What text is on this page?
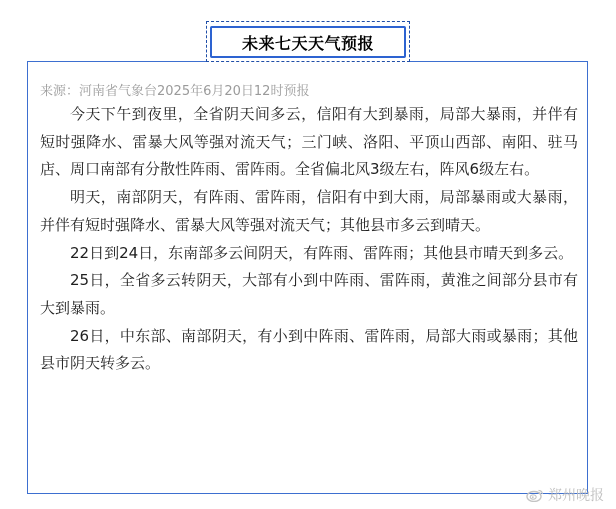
未来七天天气预报
来源：河南省气象台2025年6月20日12时预报

今天下午到夜里，全省阴天间多云，信阳有大到暴雨，局部大暴雨，并伴有短时强降水、雷暴大风等强对流天气；三门峡、洛阳、平顶山西部、南阳、驻马店、周口南部有分散性阵雨、雷阵雨。全省偏北风3级左右，阵风6级左右。

明天，南部阴天，有阵雨、雷阵雨，信阳有中到大雨，局部暴雨或大暴雨，并伴有短时强降水、雷暴大风等强对流天气；其他县市多云到晴天。

22日到24日，东南部多云间阴天，有阵雨、雷阵雨；其他县市晴天到多云。

25日，全省多云转阴天，大部有小到中阵雨、雷阵雨，黄淮之间部分县市有大到暴雨。

26日，中东部、南部阴天，有小到中阵雨、雷阵雨，局部大雨或暴雨；其他县市阴天转多云。

郑州晚报
